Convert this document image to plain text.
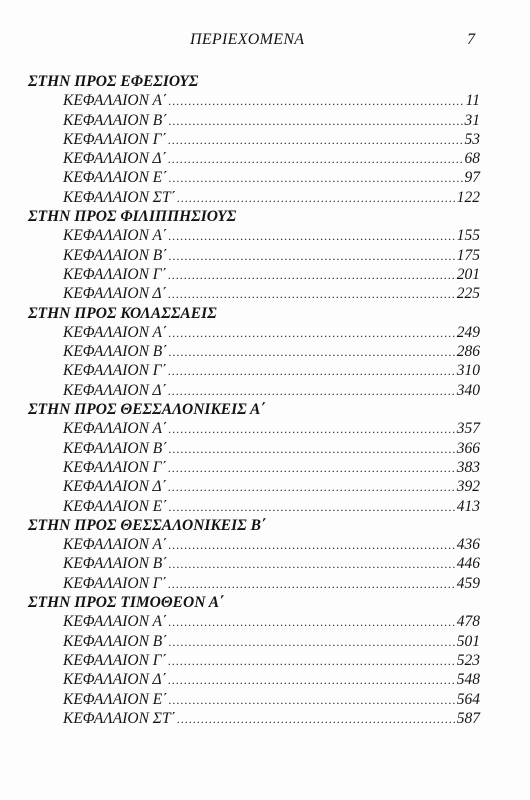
ΠΕΡΙΕΧΟΜΕΝΑ	7
ΣΤΗΝ ΠΡΟΣ ΕΦΕΣΙΟΥΣ
ΚΕΦΑΛΑΙΟΝ Α΄ .....	11
ΚΕΦΑΛΑΙΟΝ Β΄ .....	31
ΚΕΦΑΛΑΙΟΝ Γ΄ .....	53
ΚΕΦΑΛΑΙΟΝ Δ΄ .....	68
ΚΕΦΑΛΑΙΟΝ Ε΄ .....	97
ΚΕΦΑΛΑΙΟΝ ΣΤ΄ .....	122
ΣΤΗΝ ΠΡΟΣ ΦΙΛΙΠΠΗΣΙΟΥΣ
ΚΕΦΑΛΑΙΟΝ Α΄ .....	155
ΚΕΦΑΛΑΙΟΝ Β΄ .....	175
ΚΕΦΑΛΑΙΟΝ Γ΄ .....	201
ΚΕΦΑΛΑΙΟΝ Δ΄ .....	225
ΣΤΗΝ ΠΡΟΣ ΚΟΛΑΣΣΑΕΙΣ
ΚΕΦΑΛΑΙΟΝ Α΄ .....	249
ΚΕΦΑΛΑΙΟΝ Β΄ .....	286
ΚΕΦΑΛΑΙΟΝ Γ΄ .....	310
ΚΕΦΑΛΑΙΟΝ Δ΄ .....	340
ΣΤΗΝ ΠΡΟΣ ΘΕΣΣΑΛΟΝΙΚΕΙΣ Α΄
ΚΕΦΑΛΑΙΟΝ Α΄ .....	357
ΚΕΦΑΛΑΙΟΝ Β΄ .....	366
ΚΕΦΑΛΑΙΟΝ Γ΄ .....	383
ΚΕΦΑΛΑΙΟΝ Δ΄ .....	392
ΚΕΦΑΛΑΙΟΝ Ε΄ .....	413
ΣΤΗΝ ΠΡΟΣ ΘΕΣΣΑΛΟΝΙΚΕΙΣ Β΄
ΚΕΦΑΛΑΙΟΝ Α΄ .....	436
ΚΕΦΑΛΑΙΟΝ Β΄ .....	446
ΚΕΦΑΛΑΙΟΝ Γ΄ .....	459
ΣΤΗΝ ΠΡΟΣ ΤΙΜΟΘΕΟΝ Α΄
ΚΕΦΑΛΑΙΟΝ Α΄ .....	478
ΚΕΦΑΛΑΙΟΝ Β΄ .....	501
ΚΕΦΑΛΑΙΟΝ Γ΄ .....	523
ΚΕΦΑΛΑΙΟΝ Δ΄ .....	548
ΚΕΦΑΛΑΙΟΝ Ε΄ .....	564
ΚΕΦΑΛΑΙΟΝ ΣΤ΄ .....	587
